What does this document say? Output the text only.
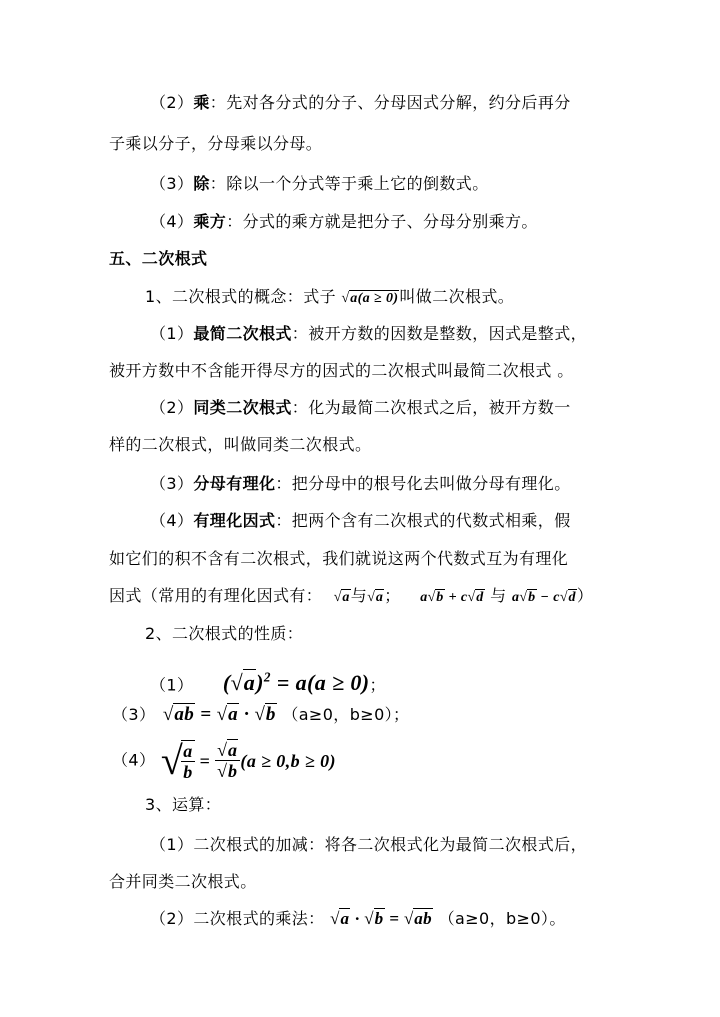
（2）乘：先对各分式的分子、分母因式分解，约分后再分
子乘以分子，分母乘以分母。
（3）除：除以一个分式等于乘上它的倒数式。
（4）乘方：分式的乘方就是把分子、分母分别乘方。
五、二次根式
1、二次根式的概念：式子 √ a(a ≥ 0)叫做二次根式。
（1）最简二次根式：被开方数的因数是整数，因式是整式，
被开方数中不含能开得尽方的因式的二次根式叫最简二次根式 。
（2）同类二次根式：化为最简二次根式之后，被开方数一
样的二次根式，叫做同类二次根式。
（3）分母有理化：把分母中的根号化去叫做分母有理化。
（4）有理化因式：把两个含有二次根式的代数式相乘，假
如它们的积不含有二次根式，我们就说这两个代数式互为有理化
因式（常用的有理化因式有： √ a与 √ a； a √ b + c √ d 与 a √ b − c √ d）
2、二次根式的性质：
（1） ( √ a)$^2$ = a(a ≥ 0)；
（3） √ ab = √ a · √ b （a≥0，b≥0）；
（4） √
$\frac{a}{b} = \frac{√ a}{√ b} (a \ge 0,b \ge 0)$
3、运算：
（1）二次根式的加减：将各二次根式化为最简二次根式后，
合并同类二次根式。
（2）二次根式的乘法： √ a · √ b = √ ab （a≥0，b≥0）。
